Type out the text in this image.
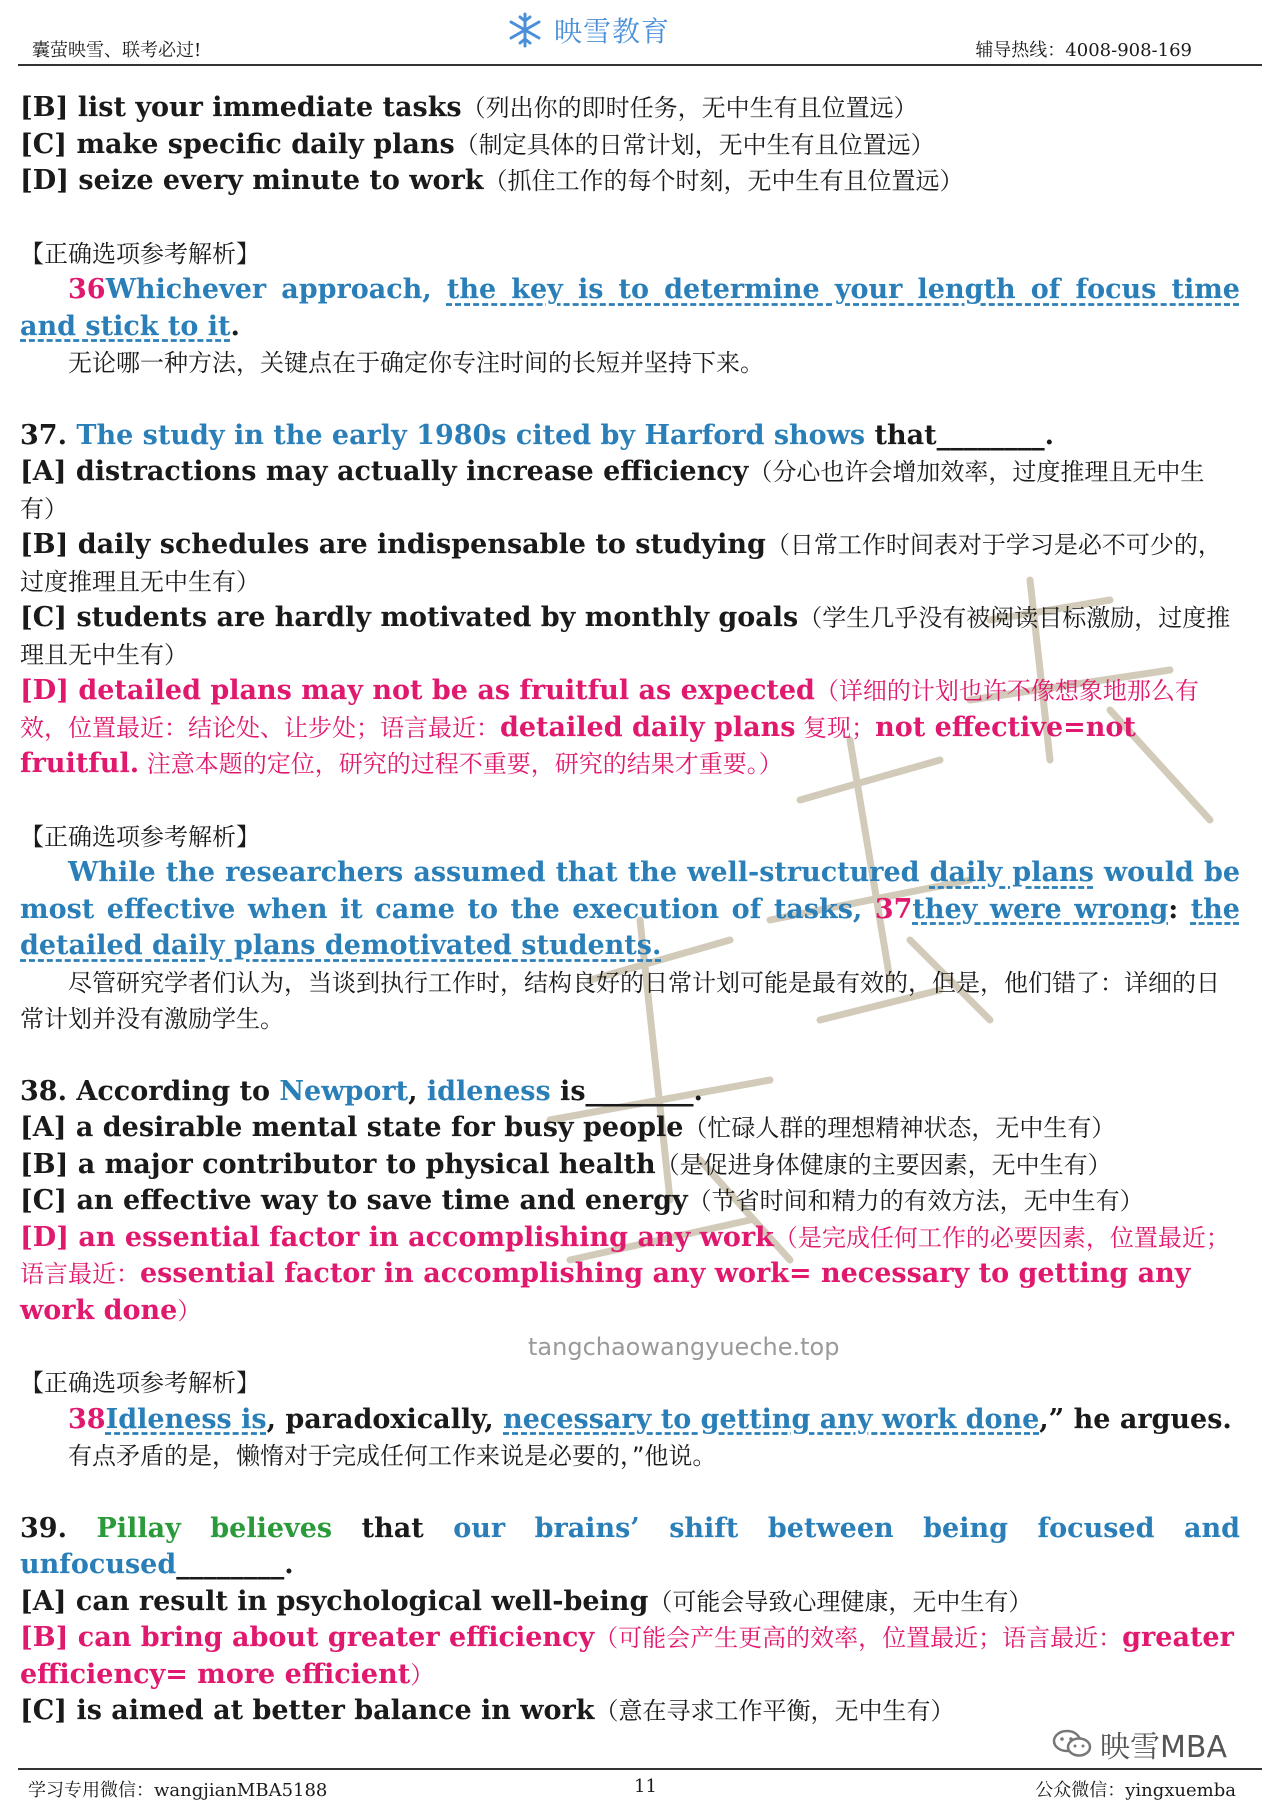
囊萤映雪、联考必过!
映雪教育
辅导热线：4008-908-169

[B] list your immediate tasks（列出你的即时任务，无中生有且位置远）

[C] make specific daily plans（制定具体的日常计划，无中生有且位置远）

[D] seize every minute to work（抓住工作的每个时刻，无中生有且位置远）

【正确选项参考解析】

36Whichever approach, the key is to determine your length of focus time and stick to it.

无论哪一种方法，关键点在于确定你专注时间的长短并坚持下来。

37. The study in the early 1980s cited by Harford shows that________.

[A] distractions may actually increase efficiency（分心也许会增加效率，过度推理且无中生有）

[B] daily schedules are indispensable to studying（日常工作时间表对于学习是必不可少的，过度推理且无中生有）

[C] students are hardly motivated by monthly goals（学生几乎没有被阅读目标激励，过度推理且无中生有）

[D] detailed plans may not be as fruitful as expected（详细的计划也许不像想象地那么有效，位置最近：结论处、让步处；语言最近：detailed daily plans 复现；not effective=not fruitful. 注意本题的定位，研究的过程不重要，研究的结果才重要。）

【正确选项参考解析】

While the researchers assumed that the well-structured daily plans would be most effective when it came to the execution of tasks, 37they were wrong: the detailed daily plans demotivated students.

尽管研究学者们认为，当谈到执行工作时，结构良好的日常计划可能是最有效的，但是，他们错了：详细的日常计划并没有激励学生。

38. According to Newport, idleness is________.

[A] a desirable mental state for busy people（忙碌人群的理想精神状态，无中生有）

[B] a major contributor to physical health（是促进身体健康的主要因素，无中生有）

[C] an effective way to save time and energy（节省时间和精力的有效方法，无中生有）

[D] an essential factor in accomplishing any work（是完成任何工作的必要因素，位置最近；语言最近：essential factor in accomplishing any work= necessary to getting any work done）

【正确选项参考解析】

38Idleness is, paradoxically, necessary to getting any work done,” he argues.

有点矛盾的是，懒惰对于完成任何工作来说是必要的，”他说。

39. Pillay believes that our brains’ shift between being focused and unfocused________.

[A] can result in psychological well-being（可能会导致心理健康，无中生有）

[B] can bring about greater efficiency（可能会产生更高的效率，位置最近；语言最近：greater efficiency= more efficient）

[C] is aimed at better balance in work（意在寻求工作平衡，无中生有）

tangchaowangyueche.top
映雪MBA
学习专用微信：wangjianMBA5188	11	公众微信：yingxuemba
